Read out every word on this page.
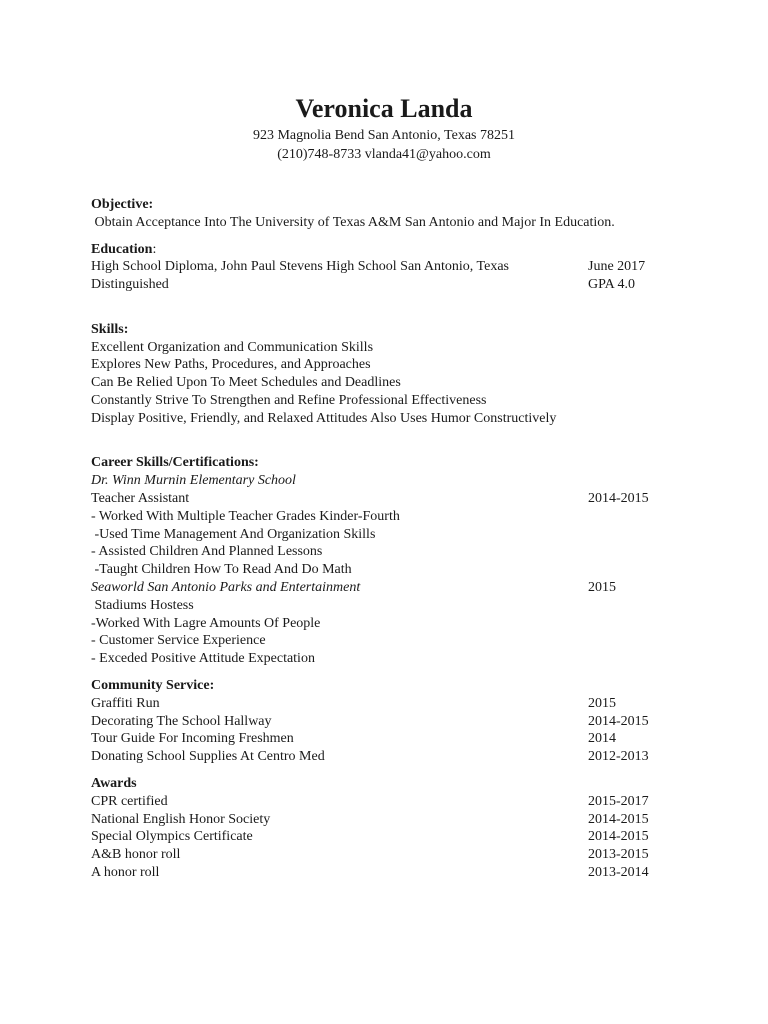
Veronica Landa
923 Magnolia Bend San Antonio, Texas 78251
(210)748-8733 vlanda41@yahoo.com
Objective:
Obtain Acceptance Into The University of Texas A&M San Antonio and Major In Education.
Education:
High School Diploma, John Paul Stevens High School San Antonio, Texas	June 2017
Distinguished	GPA 4.0
Skills:
Excellent Organization and Communication Skills
Explores New Paths, Procedures, and Approaches
Can Be Relied Upon To Meet Schedules and Deadlines
Constantly Strive To Strengthen and Refine Professional Effectiveness
Display Positive, Friendly, and Relaxed Attitudes Also Uses Humor Constructively
Career Skills/Certifications:
Dr. Winn Murnin Elementary School
Teacher Assistant	2014-2015
- Worked With Multiple Teacher Grades Kinder-Fourth
-Used Time Management And Organization Skills
- Assisted Children And Planned Lessons
-Taught Children How To Read And Do Math
Seaworld San Antonio Parks and Entertainment	2015
Stadiums Hostess
-Worked With Lagre Amounts Of People
- Customer Service Experience
- Exceded Positive Attitude Expectation
Community Service:
Graffiti Run	2015
Decorating The School Hallway	2014-2015
Tour Guide For Incoming Freshmen	2014
Donating School Supplies At Centro Med	2012-2013
Awards
CPR certified	2015-2017
National English Honor Society	2014-2015
Special Olympics Certificate	2014-2015
A&B honor roll	2013-2015
A honor roll	2013-2014
